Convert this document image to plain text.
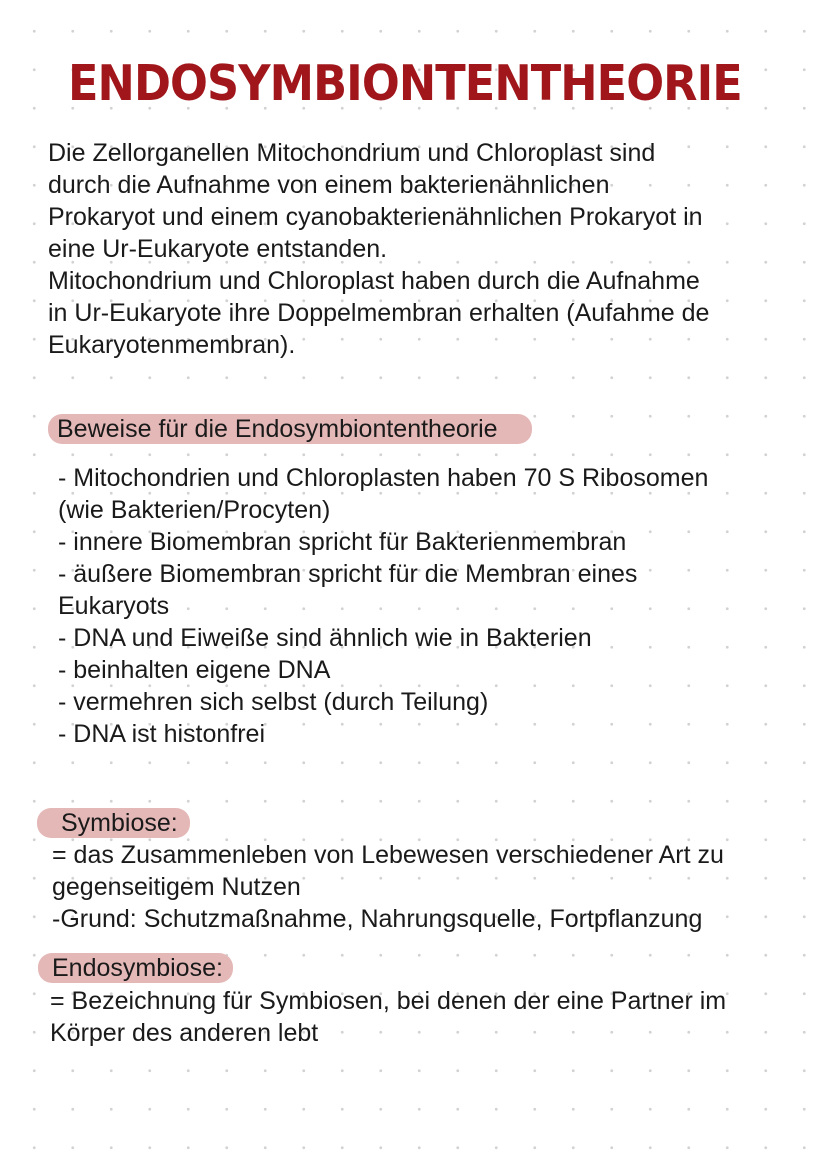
ENDOSYMBIONTENTHEORIE

Die Zellorganellen Mitochondrium und Chloroplast sind

durch die Aufnahme von einem bakterienähnlichen

Prokaryot und einem cyanobakterienähnlichen Prokaryot in

eine Ur-Eukaryote entstanden.

Mitochondrium und Chloroplast haben durch die Aufnahme

in Ur-Eukaryote ihre Doppelmembran erhalten (Aufahme de

Eukaryotenmembran).

Beweise für die Endosymbiontentheorie
- Mitochondrien und Chloroplasten haben 70 S Ribosomen
(wie Bakterien/Procyten)
- innere Biomembran spricht für Bakterienmembran
- äußere Biomembran spricht für die Membran eines
Eukaryots
- DNA und Eiweiße sind ähnlich wie in Bakterien
- beinhalten eigene DNA
- vermehren sich selbst (durch Teilung)
- DNA ist histonfrei
Symbiose:

= das Zusammenleben von Lebewesen verschiedener Art zu

gegenseitigem Nutzen

-Grund: Schutzmaßnahme, Nahrungsquelle, Fortpflanzung

Endosymbiose:

= Bezeichnung für Symbiosen, bei denen der eine Partner im

Körper des anderen lebt
